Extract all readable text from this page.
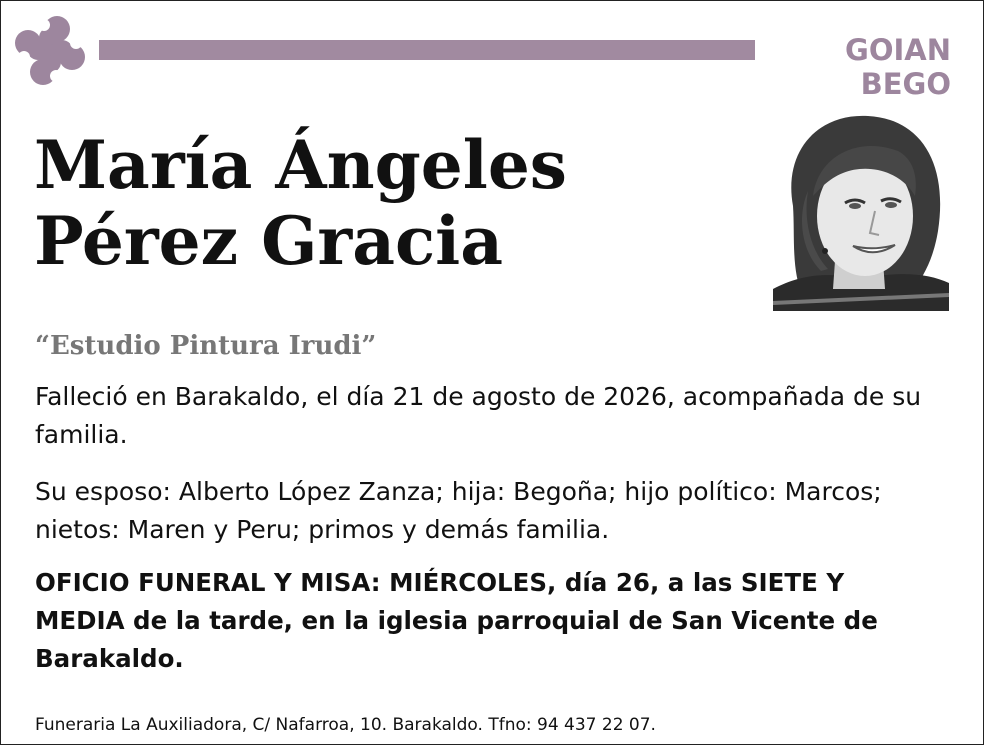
GOIAN BEGO
María Ángeles
Pérez Gracia

“Estudio Pintura Irudi”

Falleció en Barakaldo, el día 21 de agosto de 2026, acompañada de su familia.

Su esposo: Alberto López Zanza; hija: Begoña; hijo político: Marcos; nietos: Maren y Peru; primos y demás familia.

OFICIO FUNERAL Y MISA: MIÉRCOLES, día 26, a las SIETE Y MEDIA de la tarde, en la iglesia parroquial de San Vicente de Barakaldo.

Funeraria La Auxiliadora, C/ Nafarroa, 10. Barakaldo. Tfno: 94 437 22 07.
